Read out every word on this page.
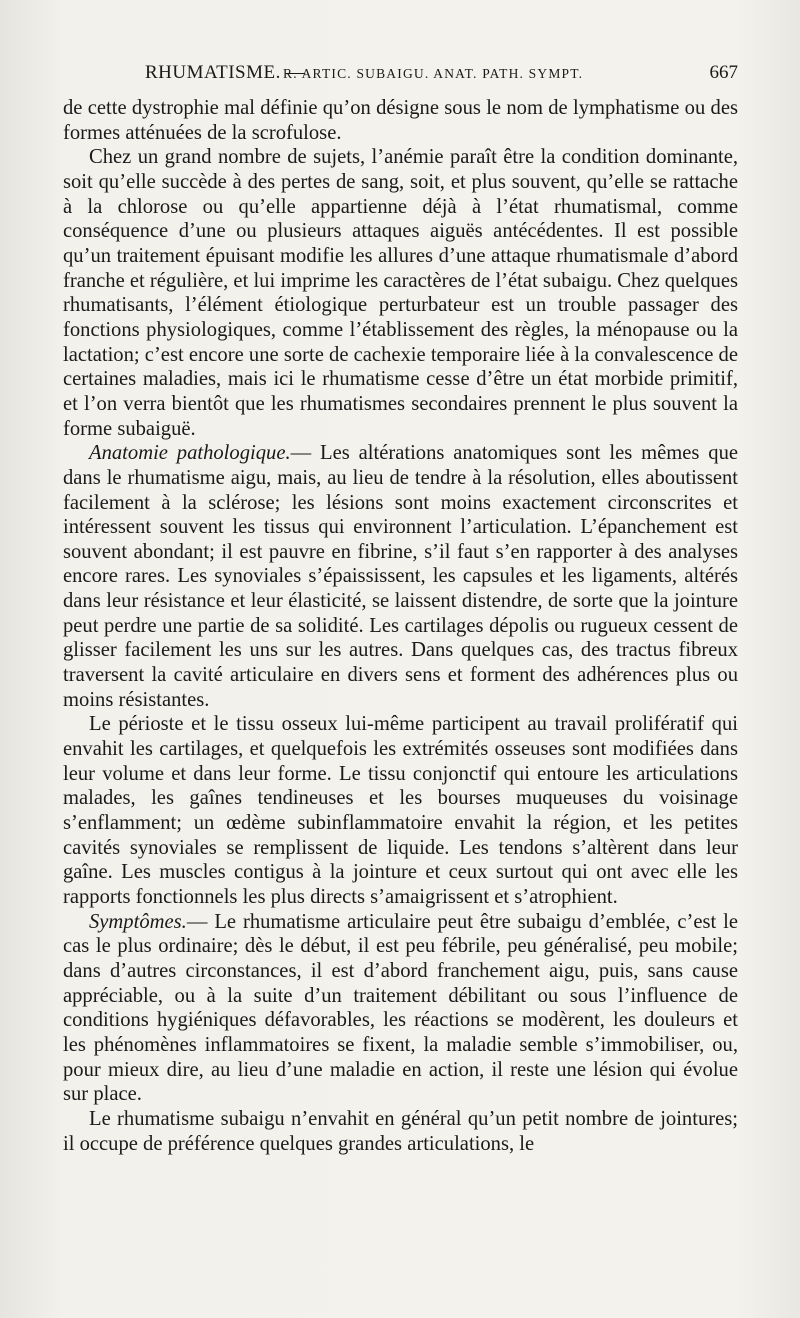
RHUMATISME. —
R. ARTIC. SUBAIGU. ANAT. PATH. SYMPT.	667

de cette dystrophie mal définie qu’on désigne sous le nom de lymphatisme ou des formes atténuées de la scrofulose.

Chez un grand nombre de sujets, l’anémie paraît être la condition dominante, soit qu’elle succède à des pertes de sang, soit, et plus souvent, qu’elle se rattache à la chlorose ou qu’elle appartienne déjà à l’état rhumatismal, comme conséquence d’une ou plusieurs attaques aiguës antécédentes. Il est possible qu’un traitement épuisant modifie les allures d’une attaque rhumatismale d’abord franche et régulière, et lui imprime les caractères de l’état subaigu. Chez quelques rhumatisants, l’élément étiologique perturbateur est un trouble passager des fonctions physiologiques, comme l’établissement des règles, la ménopause ou la lactation; c’est encore une sorte de cachexie temporaire liée à la convalescence de certaines maladies, mais ici le rhumatisme cesse d’être un état morbide primitif, et l’on verra bientôt que les rhumatismes secondaires prennent le plus souvent la forme subaiguë.

Anatomie pathologique.— Les altérations anatomiques sont les mêmes que dans le rhumatisme aigu, mais, au lieu de tendre à la résolution, elles aboutissent facilement à la sclérose; les lésions sont moins exactement circonscrites et intéressent souvent les tissus qui environnent l’articulation. L’épanchement est souvent abondant; il est pauvre en fibrine, s’il faut s’en rapporter à des analyses encore rares. Les synoviales s’épaississent, les capsules et les ligaments, altérés dans leur résistance et leur élasticité, se laissent distendre, de sorte que la jointure peut perdre une partie de sa solidité. Les cartilages dépolis ou rugueux cessent de glisser facilement les uns sur les autres. Dans quelques cas, des tractus fibreux traversent la cavité articulaire en divers sens et forment des adhérences plus ou moins résistantes.

Le périoste et le tissu osseux lui-même participent au travail prolifératif qui envahit les cartilages, et quelquefois les extrémités osseuses sont modifiées dans leur volume et dans leur forme. Le tissu conjonctif qui entoure les articulations malades, les gaînes tendineuses et les bourses muqueuses du voisinage s’enflamment; un œdème subinflammatoire envahit la région, et les petites cavités synoviales se remplissent de liquide. Les tendons s’altèrent dans leur gaîne. Les muscles contigus à la jointure et ceux surtout qui ont avec elle les rapports fonctionnels les plus directs s’amaigrissent et s’atrophient.

Symptômes.— Le rhumatisme articulaire peut être subaigu d’emblée, c’est le cas le plus ordinaire; dès le début, il est peu fébrile, peu généralisé, peu mobile; dans d’autres circonstances, il est d’abord franchement aigu, puis, sans cause appréciable, ou à la suite d’un traitement débilitant ou sous l’influence de conditions hygiéniques défavorables, les réactions se modèrent, les douleurs et les phénomènes inflammatoires se fixent, la maladie semble s’immobiliser, ou, pour mieux dire, au lieu d’une maladie en action, il reste une lésion qui évolue sur place.

Le rhumatisme subaigu n’envahit en général qu’un petit nombre de jointures; il occupe de préférence quelques grandes articulations, le
